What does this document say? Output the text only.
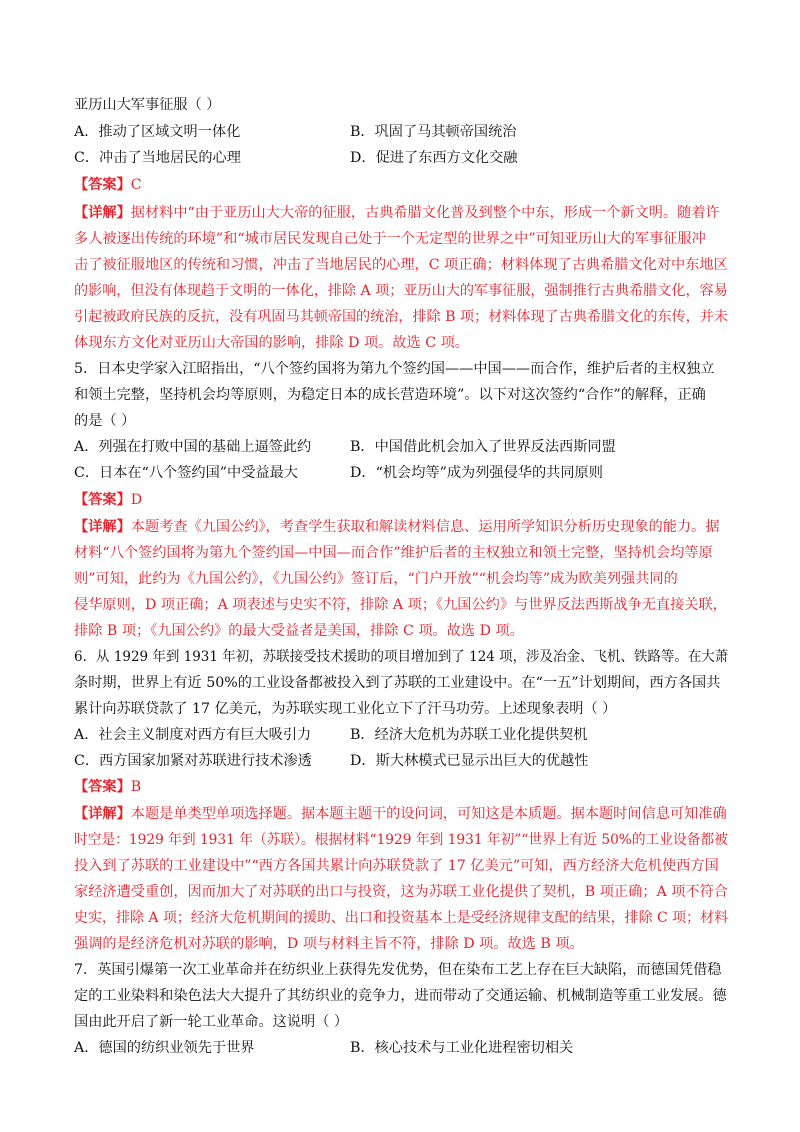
亚历山大军事征服（ ）
A．推动了区域文明一体化	B．巩固了马其顿帝国统治
C．冲击了当地居民的心理	D．促进了东西方文化交融
【答案】C
【详解】据材料中“由于亚历山大大帝的征服，古典希腊文化普及到整个中东，形成一个新文明。随着许
多人被逐出传统的环境”和“城市居民发现自己处于一个无定型的世界之中”可知亚历山大的军事征服冲
击了被征服地区的传统和习惯，冲击了当地居民的心理，C 项正确；材料体现了古典希腊文化对中东地区
的影响，但没有体现趋于文明的一体化，排除 A 项；亚历山大的军事征服，强制推行古典希腊文化，容易
引起被政府民族的反抗，没有巩固马其顿帝国的统治，排除 B 项；材料体现了古典希腊文化的东传，并未
体现东方文化对亚历山大帝国的影响，排除 D 项。故选 C 项。
5．日本史学家入江昭指出，“八个签约国将为第九个签约国——中国——而合作，维护后者的主权独立
和领土完整，坚持机会均等原则，为稳定日本的成长营造环境”。以下对这次签约“合作”的解释，正确
的是（ ）
A．列强在打败中国的基础上逼签此约	B．中国借此机会加入了世界反法西斯同盟
C．日本在“八个签约国”中受益最大	D．“机会均等”成为列强侵华的共同原则
【答案】D
【详解】本题考查《九国公约》，考查学生获取和解读材料信息、运用所学知识分析历史现象的能力。据
材料“八个签约国将为第九个签约国—中国—而合作”维护后者的主权独立和领土完整，坚持机会均等原
则”可知，此约为《九国公约》，《九国公约》签订后，“门户开放”“机会均等”成为欧美列强共同的
侵华原则，D 项正确；A 项表述与史实不符，排除 A 项；《九国公约》与世界反法西斯战争无直接关联，
排除 B 项；《九国公约》的最大受益者是美国，排除 C 项。故选 D 项。
6．从 1929 年到 1931 年初，苏联接受技术援助的项目增加到了 124 项，涉及冶金、飞机、铁路等。在大萧
条时期，世界上有近 50%的工业设备都被投入到了苏联的工业建设中。在“一五”计划期间，西方各国共
累计向苏联贷款了 17 亿美元，为苏联实现工业化立下了汗马功劳。上述现象表明（ ）
A．社会主义制度对西方有巨大吸引力	B．经济大危机为苏联工业化提供契机
C．西方国家加紧对苏联进行技术渗透	D．斯大林模式已显示出巨大的优越性
【答案】B
【详解】本题是单类型单项选择题。据本题主题干的设问词，可知这是本质题。据本题时间信息可知准确
时空是：1929 年到 1931 年（苏联）。根据材料“1929 年到 1931 年初”“世界上有近 50%的工业设备都被
投入到了苏联的工业建设中”“西方各国共累计向苏联贷款了 17 亿美元”可知，西方经济大危机使西方国
家经济遭受重创，因而加大了对苏联的出口与投资，这为苏联工业化提供了契机，B 项正确；A 项不符合
史实，排除 A 项；经济大危机期间的援助、出口和投资基本上是受经济规律支配的结果，排除 C 项；材料
强调的是经济危机对苏联的影响，D 项与材料主旨不符，排除 D 项。故选 B 项。
7．英国引爆第一次工业革命并在纺织业上获得先发优势，但在染布工艺上存在巨大缺陷，而德国凭借稳
定的工业染料和染色法大大提升了其纺织业的竞争力，进而带动了交通运输、机械制造等重工业发展。德
国由此开启了新一轮工业革命。这说明（ ）
A．德国的纺织业领先于世界	B．核心技术与工业化进程密切相关
